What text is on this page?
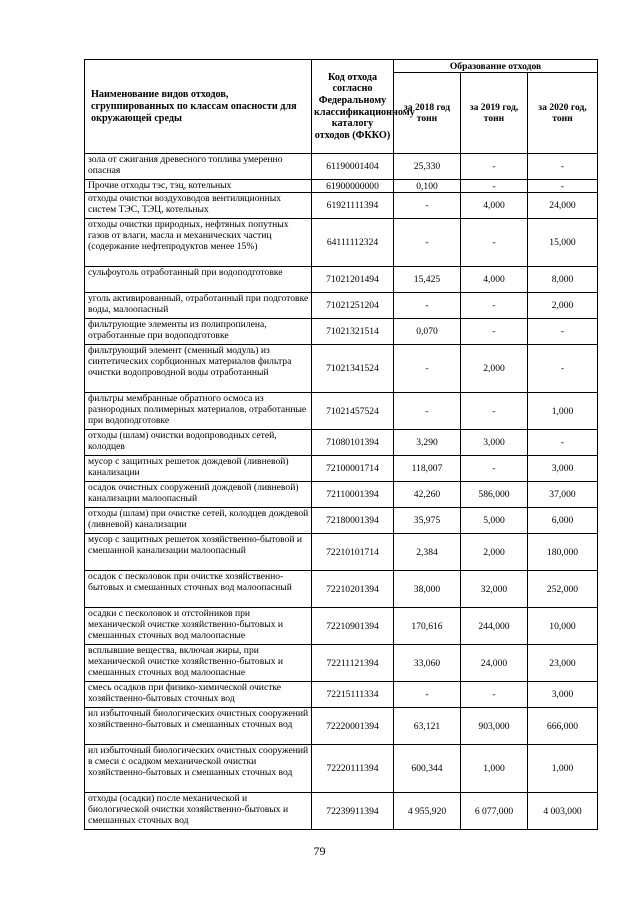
Наименование видов отходов, сгруппированных по классам опасности для окружающей среды	Код отхода согласно Федеральному классификационному каталогу отходов (ФККО)	Образование отходов		
		за 2018 год тонн	за 2019 год, тонн	за 2020 год, тонн
зола от сжигания древесного топлива умеренно опасная	61190001404	25,330	-	-
Прочие отходы тэс, тэц, котельных	61900000000	0,100	-	-
отходы очистки воздуховодов вентиляционных систем ТЭС, ТЭЦ, котельных	61921111394	-	4,000	24,000
отходы очистки природных, нефтяных попутных газов от влаги, масла и механических частиц (содержание нефтепродуктов менее 15%)	64111112324	-	-	15,000
сульфоуголь отработанный при водоподготовке	71021201494	15,425	4,000	8,000
уголь активированный, отработанный при подготовке воды, малоопасный	71021251204	-	-	2,000
фильтрующие элементы из полипропилена, отработанные при водоподготовке	71021321514	0,070	-	-
фильтрующий элемент (сменный модуль) из синтетических сорбционных материалов фильтра очистки водопроводной воды отработанный	71021341524	-	2,000	-
фильтры мембранные обратного осмоса из разнородных полимерных материалов, отработанные при водоподготовке	71021457524	-	-	1,000
отходы (шлам) очистки водопроводных сетей, колодцев	71080101394	3,290	3,000	-
мусор с защитных решеток дождевой (ливневой) канализации	72100001714	118,007	-	3,000
осадок очистных сооружений дождевой (ливневой) канализации малоопасный	72110001394	42,260	586,000	37,000
отходы (шлам) при очистке сетей, колодцев дождевой (ливневой) канализации	72180001394	35,975	5,000	6,000
мусор с защитных решеток хозяйственно-бытовой и смешанной канализации малоопасный	72210101714	2,384	2,000	180,000
осадок с песколовок при очистке хозяйственно-бытовых и смешанных сточных вод малоопасный	72210201394	38,000	32,000	252,000
осадки с песколовок и отстойников при механической очистке хозяйственно-бытовых и смешанных сточных вод малоопасные	72210901394	170,616	244,000	10,000
всплывшие вещества, включая жиры, при механической очистке хозяйственно-бытовых и смешанных сточных вод малоопасные	72211121394	33,060	24,000	23,000
смесь осадков при физико-химической очистке хозяйственно-бытовых сточных вод	72215111334	-	-	3,000
ил избыточный биологических очистных сооружений хозяйственно-бытовых и смешанных сточных вод	72220001394	63,121	903,000	666,000
ил избыточный биологических очистных сооружений в смеси с осадком механической очистки хозяйственно-бытовых и смешанных сточных вод	72220111394	600,344	1,000	1,000
отходы (осадки) после механической и биологической очистки хозяйственно-бытовых и смешанных сточных вод	72239911394	4 955,920	6 077,000	4 003,000
79
